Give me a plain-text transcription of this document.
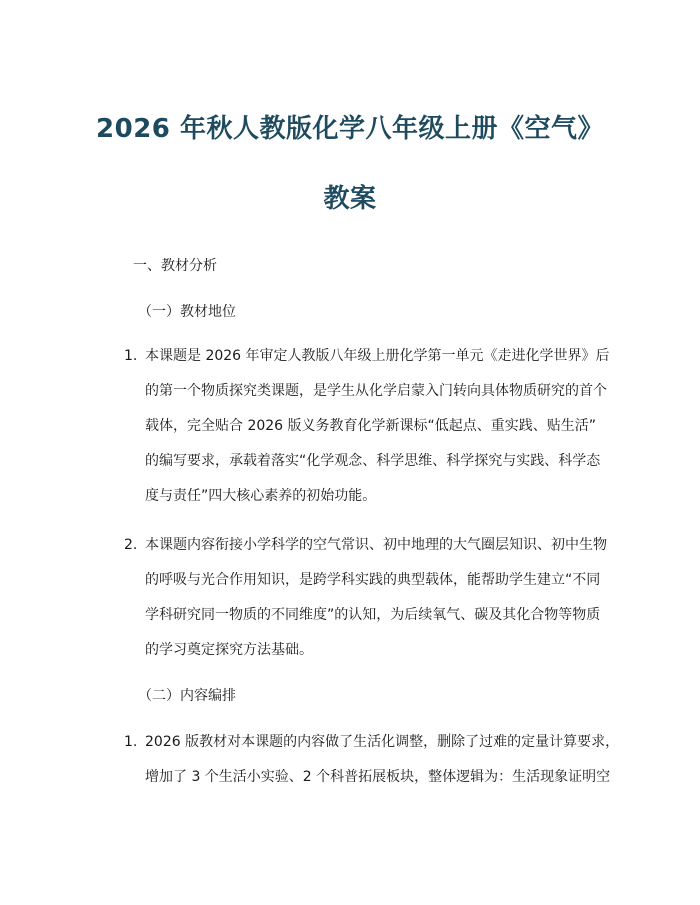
2026 年秋人教版化学八年级上册《空气》
教案
一、教材分析
（一）教材地位
1. 本课题是 2026 年审定人教版八年级上册化学第一单元《走进化学世界》后
的第一个物质探究类课题，是学生从化学启蒙入门转向具体物质研究的首个
载体，完全贴合 2026 版义务教育化学新课标“低起点、重实践、贴生活”
的编写要求，承载着落实“化学观念、科学思维、科学探究与实践、科学态
度与责任”四大核心素养的初始功能。
2. 本课题内容衔接小学科学的空气常识、初中地理的大气圈层知识、初中生物
的呼吸与光合作用知识，是跨学科实践的典型载体，能帮助学生建立“不同
学科研究同一物质的不同维度”的认知，为后续氧气、碳及其化合物等物质
的学习奠定探究方法基础。
（二）内容编排
1. 2026 版教材对本课题的内容做了生活化调整，删除了过难的定量计算要求，
增加了 3 个生活小实验、2 个科普拓展板块，整体逻辑为：生活现象证明空
